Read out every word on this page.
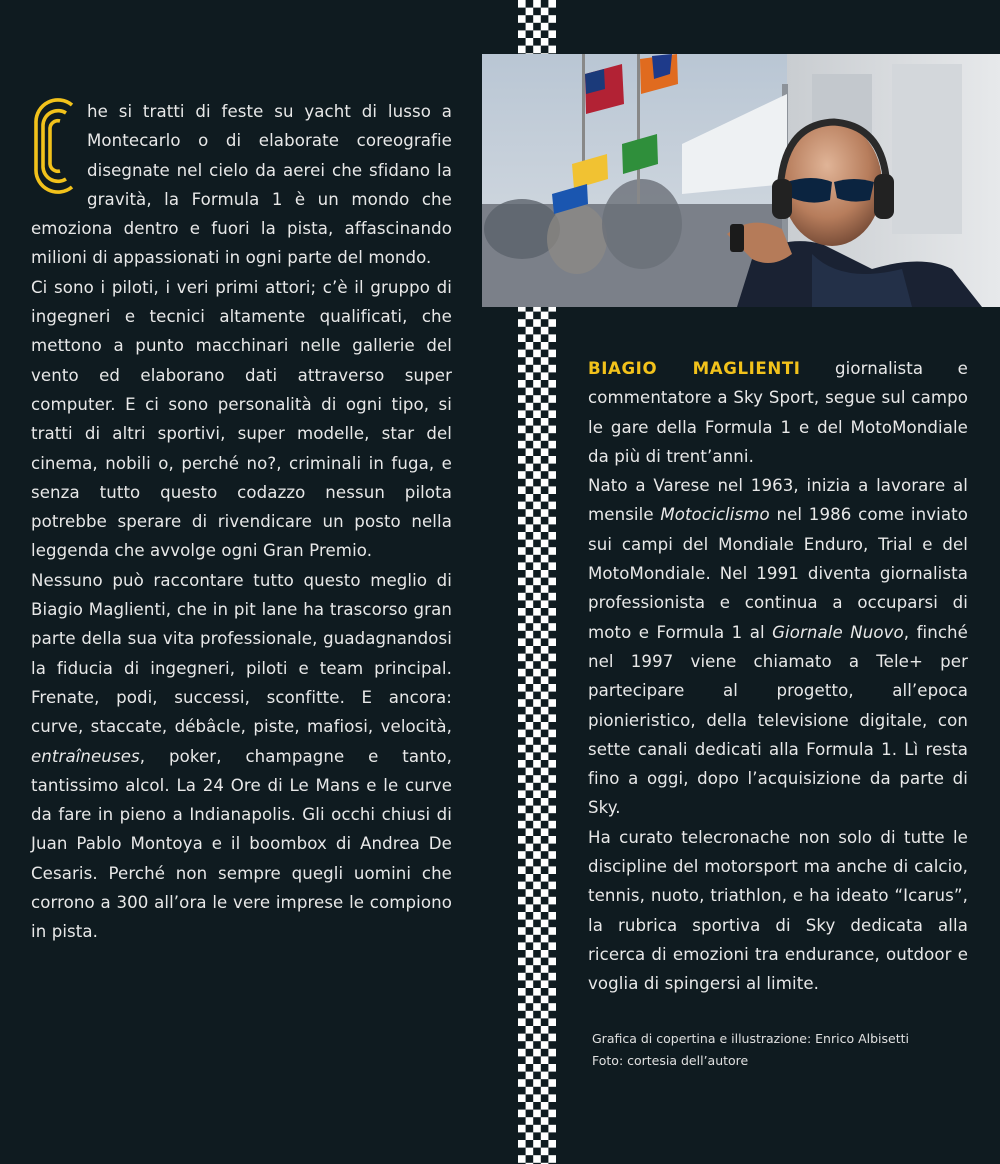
he si tratti di feste su yacht di lusso a Montecarlo o di elaborate coreografie disegnate nel cielo da aerei che sfidano la gravità, la Formula 1 è un mondo che emoziona dentro e fuori la pista, affascinando milioni di appassionati in ogni parte del mondo.

Ci sono i piloti, i veri primi attori; c’è il gruppo di ingegneri e tecnici altamente qualificati, che mettono a punto macchinari nelle gallerie del vento ed elaborano dati attraverso super computer. E ci sono personalità di ogni tipo, si tratti di altri sportivi, super modelle, star del cinema, nobili o, perché no?, criminali in fuga, e senza tutto questo codazzo nessun pilota potrebbe sperare di rivendicare un posto nella leggenda che avvolge ogni Gran Premio.

Nessuno può raccontare tutto questo meglio di Biagio Maglienti, che in pit lane ha trascorso gran parte della sua vita professionale, guadagnandosi la fiducia di ingegneri, piloti e team principal. Frenate, podi, successi, sconfitte. E ancora: curve, staccate, débâcle, piste, mafiosi, velocità, entraîneuses, poker, champagne e tanto, tantissimo alcol. La 24 Ore di Le Mans e le curve da fare in pieno a Indianapolis. Gli occhi chiusi di Juan Pablo Montoya e il boombox di Andrea De Cesaris. Perché non sempre quegli uomini che corrono a 300 all’ora le vere imprese le compiono in pista.

BIAGIO MAGLIENTI giornalista e commentatore a Sky Sport, segue sul campo le gare della Formula 1 e del MotoMondiale da più di trent’anni.

Nato a Varese nel 1963, inizia a lavorare al mensile Motociclismo nel 1986 come inviato sui campi del Mondiale Enduro, Trial e del MotoMondiale. Nel 1991 diventa giornalista professionista e continua a occuparsi di moto e Formula 1 al Giornale Nuovo, finché nel 1997 viene chiamato a Tele+ per partecipare al progetto, all’epoca pionieristico, della televisione digitale, con sette canali dedicati alla Formula 1. Lì resta fino a oggi, dopo l’acquisizione da parte di Sky.

Ha curato telecronache non solo di tutte le discipline del motorsport ma anche di calcio, tennis, nuoto, triathlon, e ha ideato “Icarus”, la rubrica sportiva di Sky dedicata alla ricerca di emozioni tra endurance, outdoor e voglia di spingersi al limite.

Grafica di copertina e illustrazione: Enrico Albisetti
Foto: cortesia dell’autore
